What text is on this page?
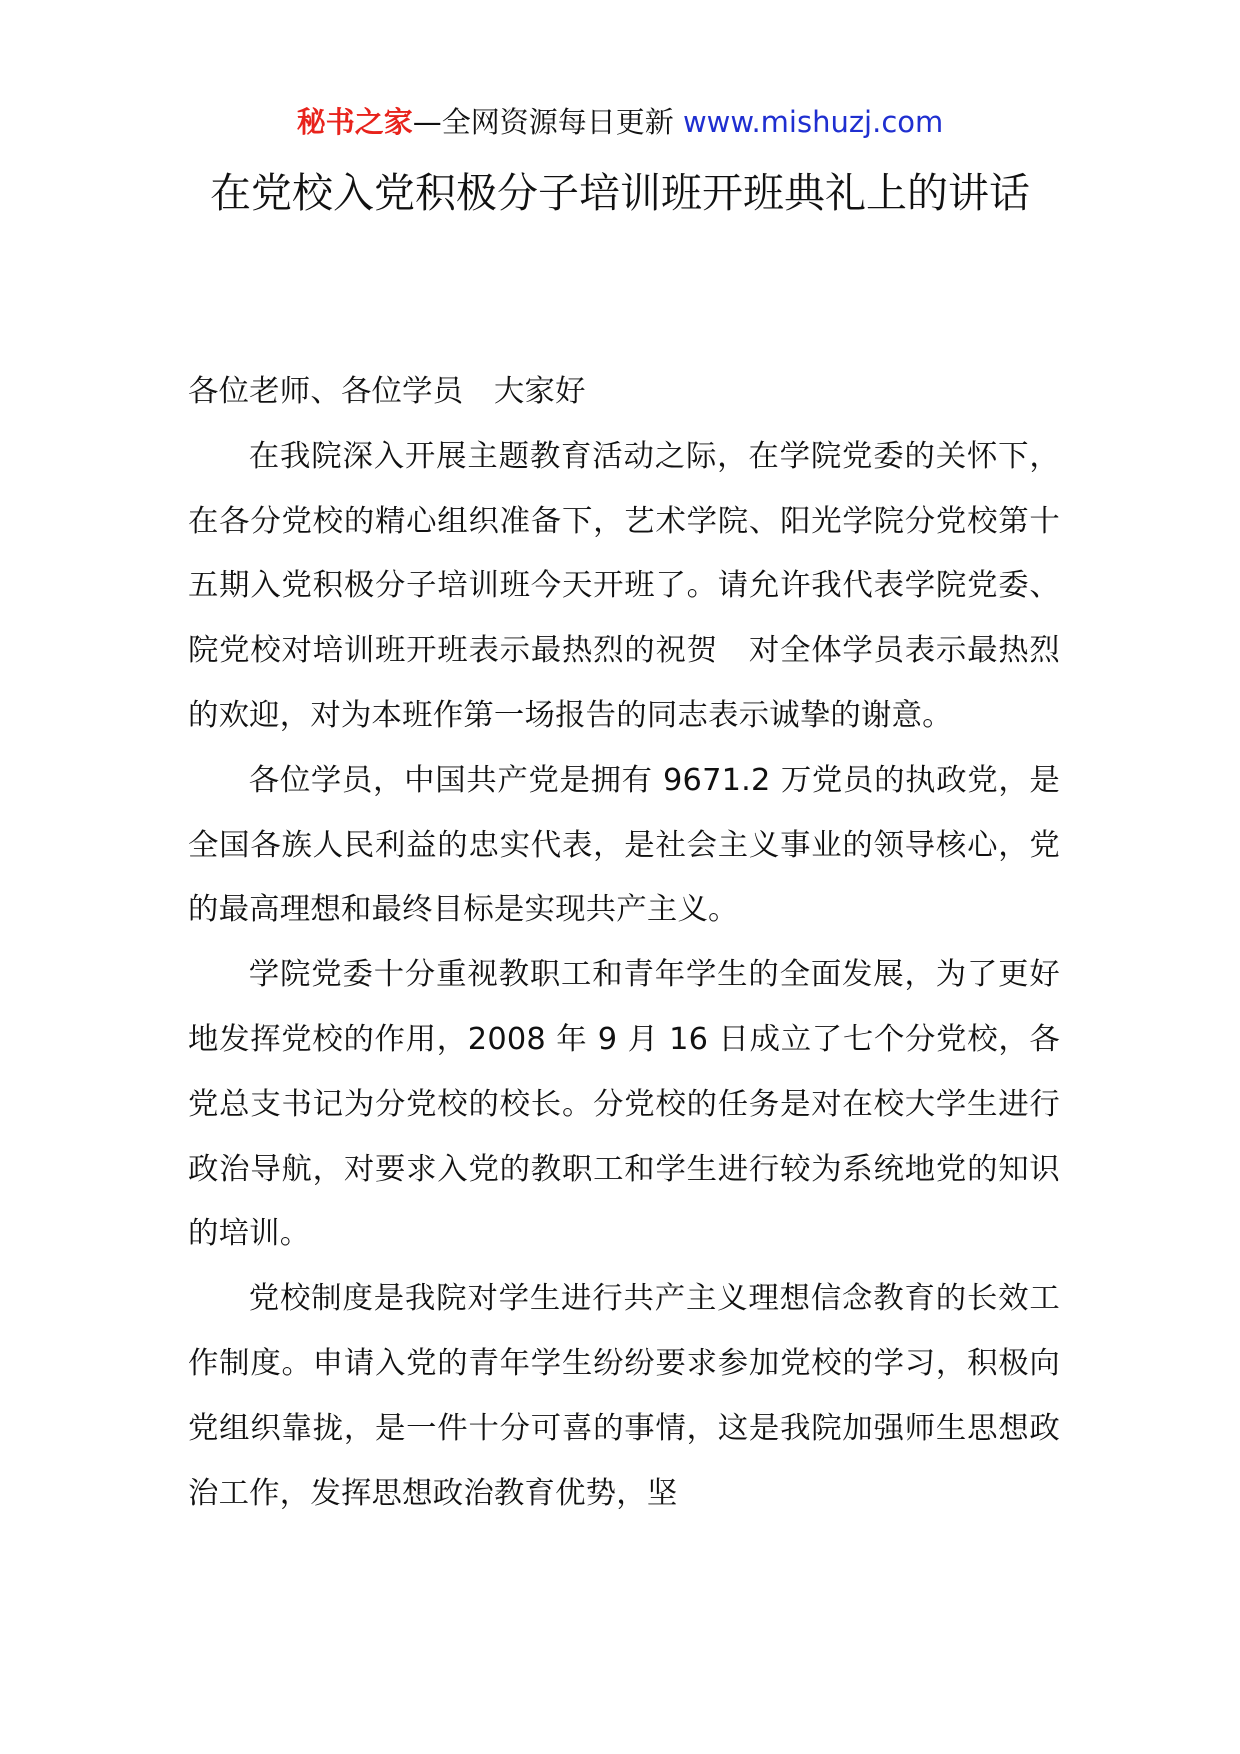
秘书之家—全网资源每日更新 www.mishuzj.com
在党校入党积极分子培训班开班典礼上的讲话

各位老师、各位学员　大家好

在我院深入开展主题教育活动之际，在学院党委的关怀下，在各分党校的精心组织准备下，艺术学院、阳光学院分党校第十五期入党积极分子培训班今天开班了。请允许我代表学院党委、院党校对培训班开班表示最热烈的祝贺　对全体学员表示最热烈的欢迎，对为本班作第一场报告的同志表示诚挚的谢意。

各位学员，中国共产党是拥有 9671.2 万党员的执政党，是全国各族人民利益的忠实代表，是社会主义事业的领导核心，党的最高理想和最终目标是实现共产主义。

学院党委十分重视教职工和青年学生的全面发展，为了更好地发挥党校的作用，2008 年 9 月 16 日成立了七个分党校，各党总支书记为分党校的校长。分党校的任务是对在校大学生进行政治导航，对要求入党的教职工和学生进行较为系统地党的知识的培训。

党校制度是我院对学生进行共产主义理想信念教育的长效工作制度。申请入党的青年学生纷纷要求参加党校的学习，积极向党组织靠拢，是一件十分可喜的事情，这是我院加强师生思想政治工作，发挥思想政治教育优势，坚
